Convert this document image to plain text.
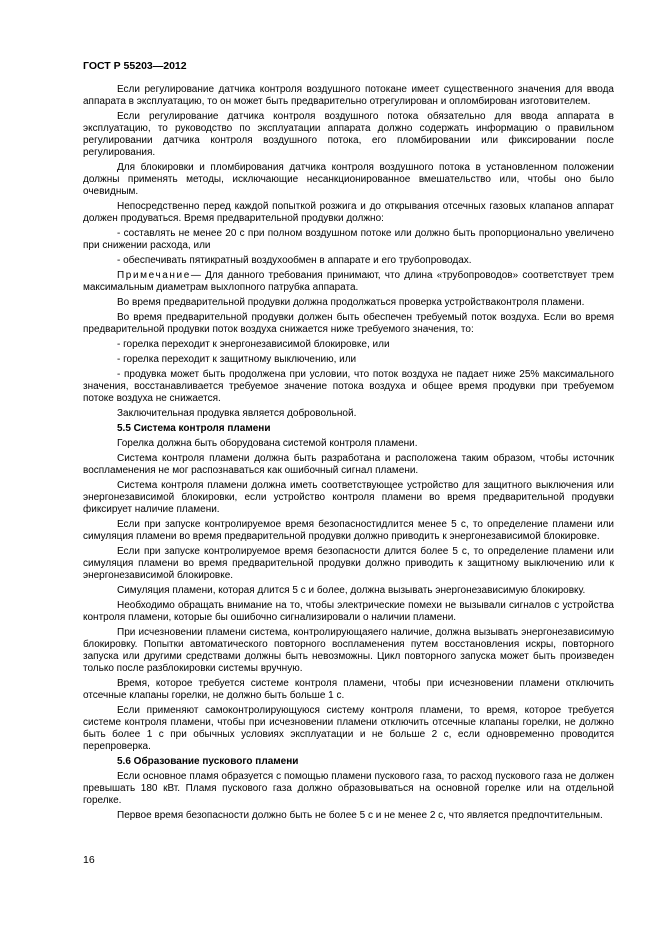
ГОСТ Р 55203—2012

Если регулирование датчика контроля воздушного потокане имеет существенного значения для ввода аппарата в эксплуатацию, то он может быть предварительно отрегулирован и опломбирован изготовителем.

Если регулирование датчика контроля воздушного потока обязательно для ввода аппарата в эксплуатацию, то руководство по эксплуатации аппарата должно содержать информацию о правильном регулировании датчика контроля воздушного потока, его пломбировании или фиксировании после регулирования.

Для блокировки и пломбирования датчика контроля воздушного потока в установленном положении должны применять методы, исключающие несанкционированное вмешательство или, чтобы оно было очевидным.

Непосредственно перед каждой попыткой розжига и до открывания отсечных газовых клапанов аппарат должен продуваться. Время предварительной продувки должно:

- составлять не менее 20 с при полном воздушном потоке или должно быть пропорционально увеличено при снижении расхода, или

- обеспечивать пятикратный воздухообмен в аппарате и его трубопроводах.

Примечание— Для данного требования принимают, что длина «трубопроводов» соответствует трем максимальным диаметрам выхлопного патрубка аппарата.

Во время предварительной продувки должна продолжаться проверка устройстваконтроля пламени.

Во время предварительной продувки должен быть обеспечен требуемый поток воздуха. Если во время предварительной продувки поток воздуха снижается ниже требуемого значения, то:

- горелка переходит к энергонезависимой блокировке, или

- горелка переходит к защитному выключению, или

- продувка может быть продолжена при условии, что поток воздуха не падает ниже 25% максимального значения, восстанавливается требуемое значение потока воздуха и общее время продувки при требуемом потоке воздуха не снижается.

Заключительная продувка является добровольной.

5.5 Система контроля пламени

Горелка должна быть оборудована системой контроля пламени.

Система контроля пламени должна быть разработана и расположена таким образом, чтобы источник воспламенения не мог распознаваться как ошибочный сигнал пламени.

Система контроля пламени должна иметь соответствующее устройство для защитного выключения или энергонезависимой блокировки, если устройство контроля пламени во время предварительной продувки фиксирует наличие пламени.

Если при запуске контролируемое время безопасностидлится менее 5 с, то определение пламени или симуляция пламени во время предварительной продувки должно приводить к энергонезависимой блокировке.

Если при запуске контролируемое время безопасности длится более 5 с, то определение пламени или симуляция пламени во время предварительной продувки должно приводить к защитному выключению или к энергонезависимой блокировке.

Симуляция пламени, которая длится 5 с и более, должна вызывать энергонезависимую блокировку.

Необходимо обращать внимание на то, чтобы электрические помехи не вызывали сигналов с устройства контроля пламени, которые бы ошибочно сигнализировали о наличии пламени.

При исчезновении пламени система, контролирующаяего наличие, должна вызывать энергонезависимую блокировку. Попытки автоматического повторного воспламенения путем восстановления искры, повторного запуска или другими средствами должны быть невозможны. Цикл повторного запуска может быть произведен только после разблокировки системы вручную.

Время, которое требуется системе контроля пламени, чтобы при исчезновении пламени отключить отсечные клапаны горелки, не должно быть больше 1 с.

Если применяют самоконтролирующуюся систему контроля пламени, то время, которое требуется системе контроля пламени, чтобы при исчезновении пламени отключить отсечные клапаны горелки, не должно быть более 1 с при обычных условиях эксплуатации и не больше 2 с, если одновременно проводится перепроверка.

5.6 Образование пускового пламени

Если основное пламя образуется с помощью пламени пускового газа, то расход пускового газа не должен превышать 180 кВт. Пламя пускового газа должно образовываться на основной горелке или на отдельной горелке.

Первое время безопасности должно быть не более 5 с и не менее 2 с, что является предпочтительным.

16
